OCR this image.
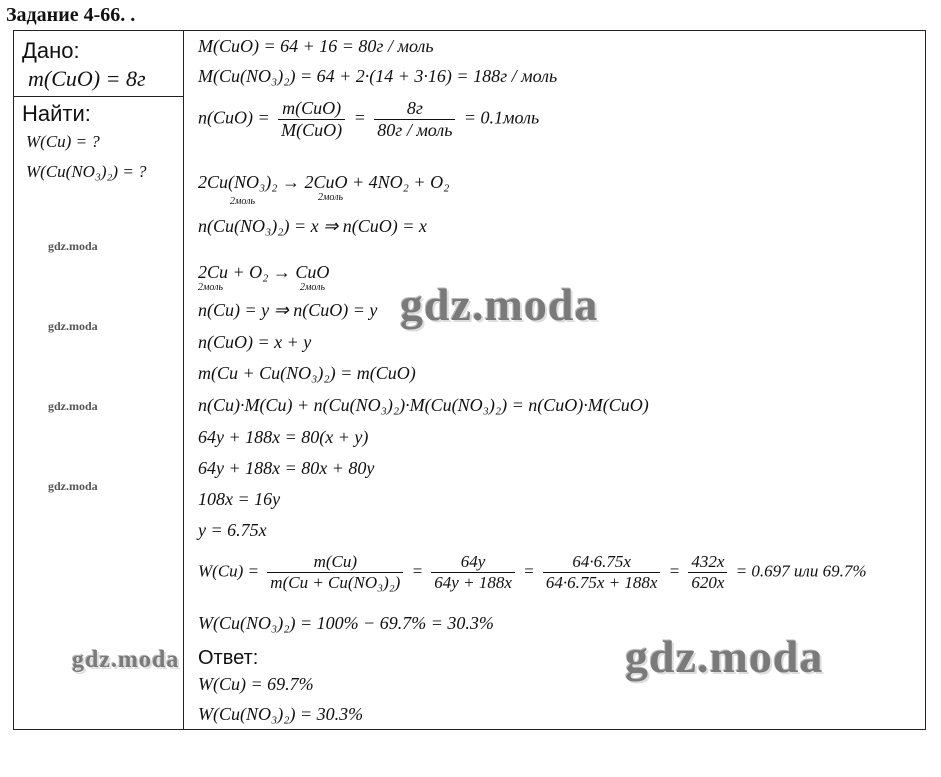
Задание 4-66. .
Дано:
m(CuO) = 8г
Найти:
W(Cu) = ?
W(Cu(NO₃)₂) = ?
M(CuO) = 64 + 16 = 80г / моль
M(Cu(NO₃)₂) = 64 + 2·(14 + 3·16) = 188г / моль
$n(CuO) = \frac{\text{m(CuO)}}{\text{M(CuO)}} = \frac{8г}{\text{80г / моль}}$ = 0.1моль
2Cu(NO₃)₂ → 2CuO + 4NO₂ + O₂
2моль	2моль
n(Cu(NO₃)₂) = x ⇒ n(CuO) = x
2Cu + O₂ → CuO
2моль	2моль
n(Cu) = y ⇒ n(CuO) = y
n(CuO) = x + y
m(Cu + Cu(NO₃)₂) = m(CuO)
n(Cu)·M(Cu) + n(Cu(NO₃)₂)·M(Cu(NO₃)₂) = n(CuO)·M(CuO)
64y + 188x = 80(x + y)
64y + 188x = 80x + 80y
108x = 16y
y = 6.75x
$W(Cu) = \frac{m(Cu)}{\text{m(Cu + Cu(NO₃)₂)}} = \frac{64y}{64y + 188x} = \frac{64\cdot 6.75x}{64\cdot 6.75x + 188x} = \frac{432x}{620x} = 0.697$ или 69.7%
W(Cu(NO₃)₂) = 100% − 69.7% = 30.3%
Ответ:
W(Cu) = 69.7%
W(Cu(NO₃)₂) = 30.3%
gdz.moda
gdz.moda
gdz.moda
gdz.moda
gdz.moda
gdz.moda
gdz.moda
